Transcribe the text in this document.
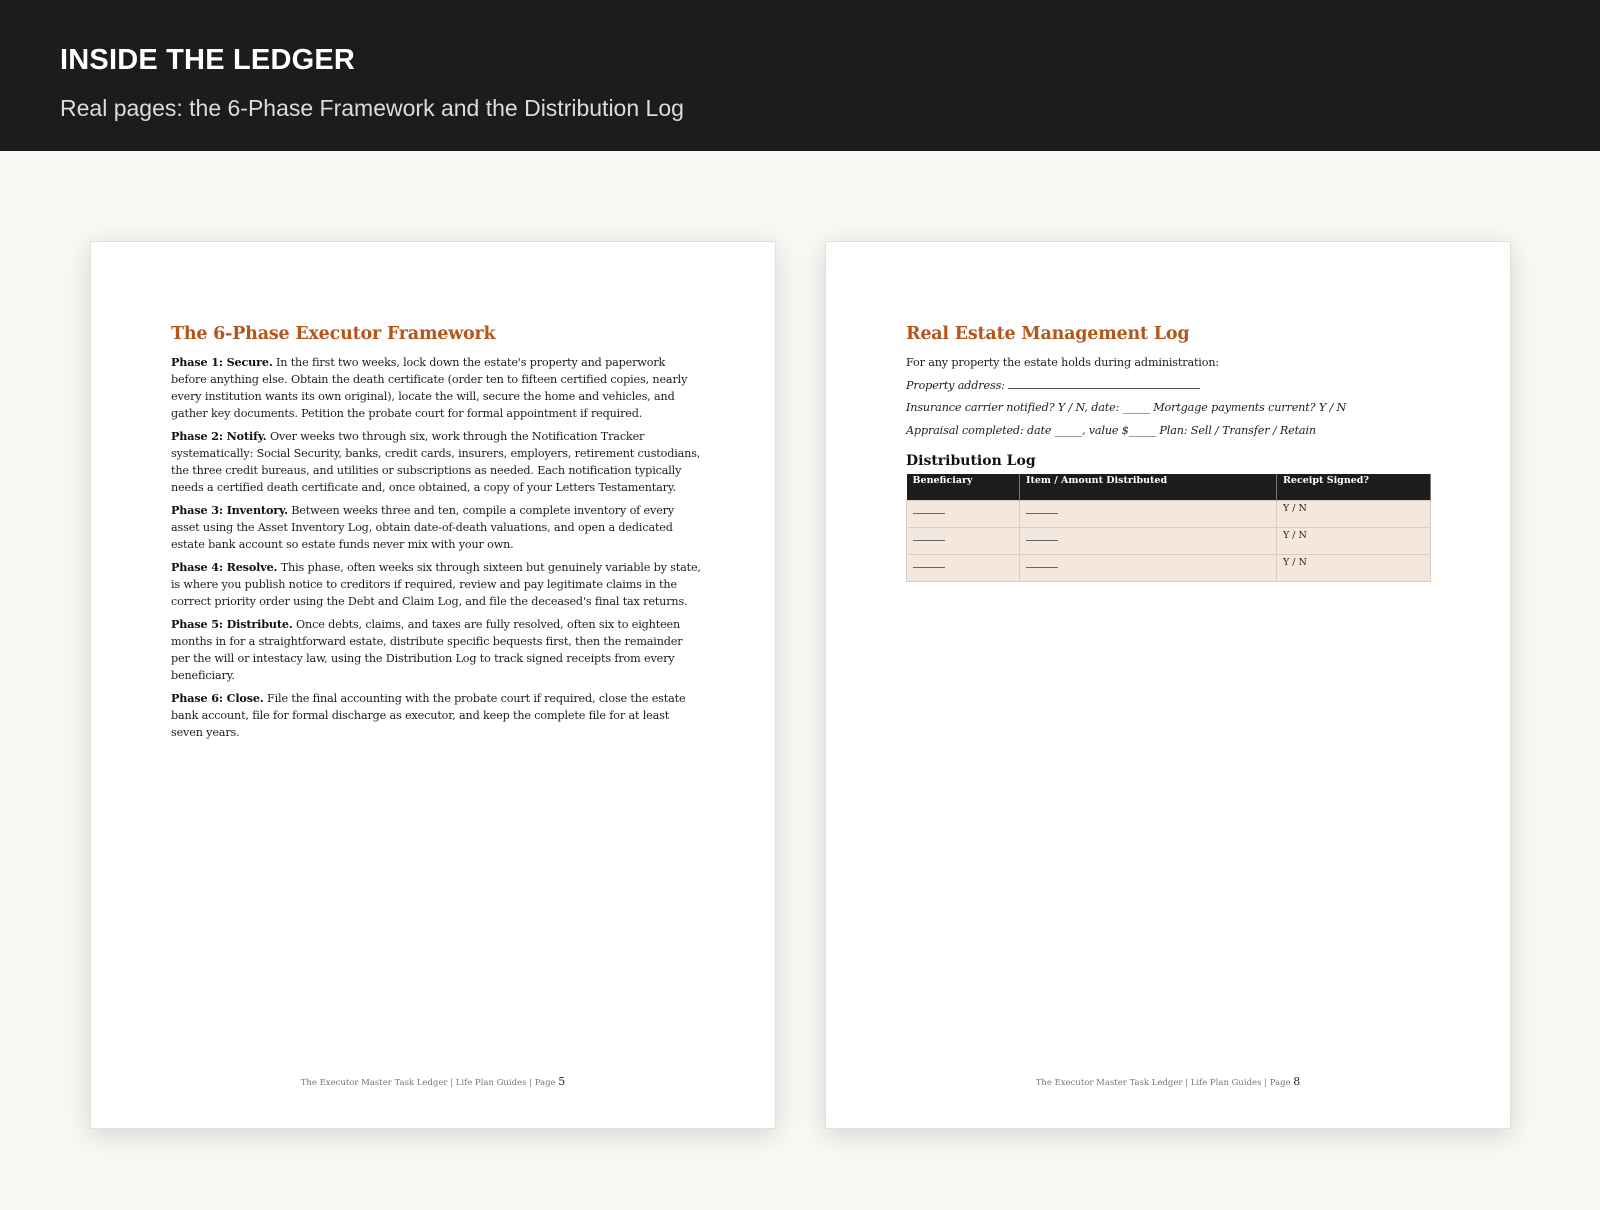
INSIDE THE LEDGER
Real pages: the 6-Phase Framework and the Distribution Log
The 6-Phase Executor Framework

Phase 1: Secure. In the first two weeks, lock down the estate's property and paperwork before anything else. Obtain the death certificate (order ten to fifteen certified copies, nearly every institution wants its own original), locate the will, secure the home and vehicles, and gather key documents. Petition the probate court for formal appointment if required.

Phase 2: Notify. Over weeks two through six, work through the Notification Tracker systematically: Social Security, banks, credit cards, insurers, employers, retirement custodians, the three credit bureaus, and utilities or subscriptions as needed. Each notification typically needs a certified death certificate and, once obtained, a copy of your Letters Testamentary.

Phase 3: Inventory. Between weeks three and ten, compile a complete inventory of every asset using the Asset Inventory Log, obtain date-of-death valuations, and open a dedicated estate bank account so estate funds never mix with your own.

Phase 4: Resolve. This phase, often weeks six through sixteen but genuinely variable by state, is where you publish notice to creditors if required, review and pay legitimate claims in the correct priority order using the Debt and Claim Log, and file the deceased's final tax returns.

Phase 5: Distribute. Once debts, claims, and taxes are fully resolved, often six to eighteen months in for a straightforward estate, distribute specific bequests first, then the remainder per the will or intestacy law, using the Distribution Log to track signed receipts from every beneficiary.

Phase 6: Close. File the final accounting with the probate court if required, close the estate bank account, file for formal discharge as executor, and keep the complete file for at least seven years.

The Executor Master Task Ledger | Life Plan Guides | Page 5
Real Estate Management Log

For any property the estate holds during administration:

Property address:

Insurance carrier notified? Y / N, date: _____ Mortgage payments current? Y / N

Appraisal completed: date _____, value $_____ Plan: Sell / Transfer / Retain

Distribution Log
Beneficiary	Item / Amount Distributed	Receipt Signed?
		Y / N
		Y / N
		Y / N
The Executor Master Task Ledger | Life Plan Guides | Page 8
